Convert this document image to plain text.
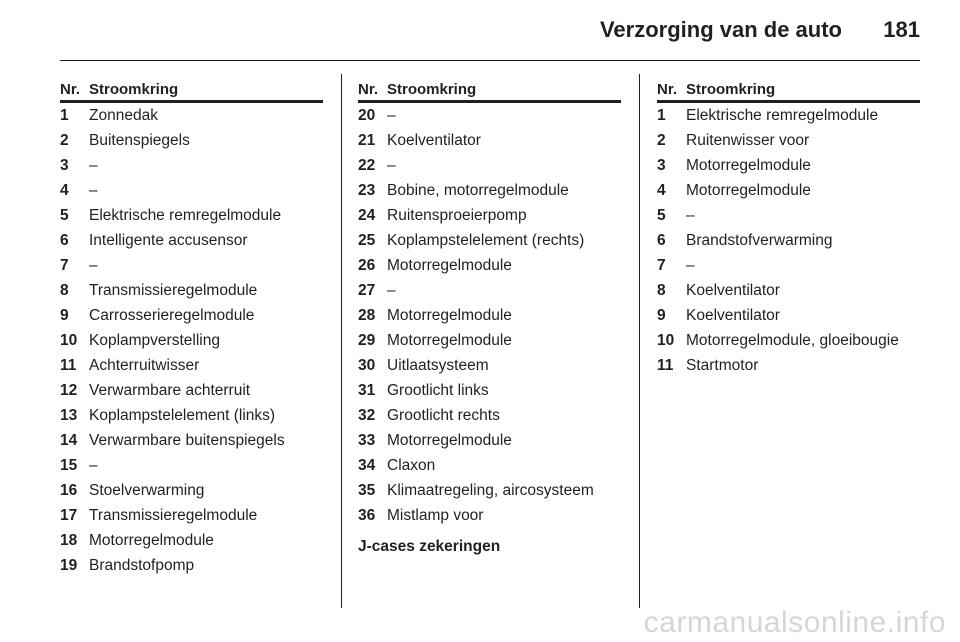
Verzorging van de auto 181
Nr. Stroomkring
1 Zonnedak
2 Buitenspiegels
3 –
4 –
5 Elektrische remregelmodule
6 Intelligente accusensor
7 –
8 Transmissieregelmodule
9 Carrosserieregelmodule
10 Koplampverstelling
11 Achterruitwisser
12 Verwarmbare achterruit
13 Koplampstelelement (links)
14 Verwarmbare buitenspiegels
15 –
16 Stoelverwarming
17 Transmissieregelmodule
18 Motorregelmodule
19 Brandstofpomp
Nr. Stroomkring
20 –
21 Koelventilator
22 –
23 Bobine, motorregelmodule
24 Ruitensproeierpomp
25 Koplampstelelement (rechts)
26 Motorregelmodule
27 –
28 Motorregelmodule
29 Motorregelmodule
30 Uitlaatsysteem
31 Grootlicht links
32 Grootlicht rechts
33 Motorregelmodule
34 Claxon
35 Klimaatregeling, aircosysteem
36 Mistlamp voor
J-cases zekeringen
Nr. Stroomkring
1 Elektrische remregelmodule
2 Ruitenwisser voor
3 Motorregelmodule
4 Motorregelmodule
5 –
6 Brandstofverwarming
7 –
8 Koelventilator
9 Koelventilator
10 Motorregelmodule, gloeibougie
11 Startmotor
carmanualsonline.info
